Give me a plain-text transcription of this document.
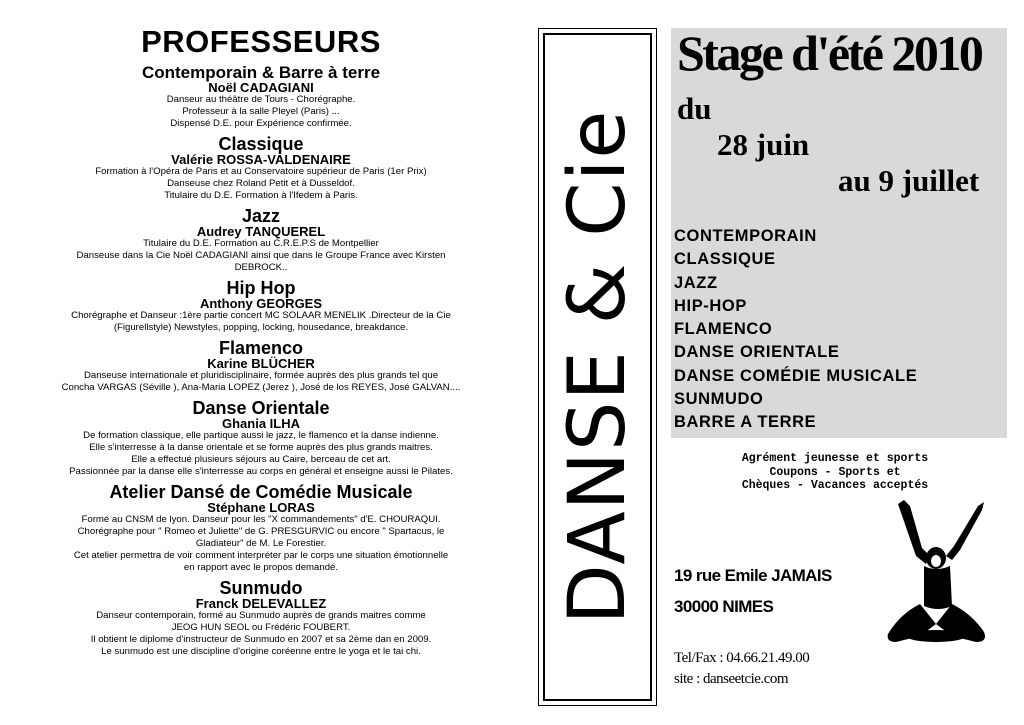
PROFESSEURS
Contemporain & Barre à terre
Noël CADAGIANI
Danseur au théâtre de Tours - Chorégraphe.
Professeur à la salle Pleyel (Paris) ...
Dispensé D.E. pour Expérience confirmée.
Classique
Valérie ROSSA-VALDENAIRE
Formation à l'Opéra de Paris et au Conservatoire supérieur de Paris (1er Prix)
Danseuse chez Roland Petit et à Dusseldof.
Titulaire du D.E. Formation à l'Ifedem à Paris.
Jazz
Audrey TANQUEREL
Titulaire du D.E. Formation au C.R.E.P.S de Montpellier
Danseuse dans la Cie Noël CADAGIANI ainsi que dans le Groupe France avec Kirsten
DEBROCK..
Hip Hop
Anthony GEORGES
Chorégraphe et Danseur :1ère partie concert MC SOLAAR MENELIK .Directeur de la Cie
(Figurellstyle) Newstyles, popping, locking, housedance, breakdance.
Flamenco
Karine BLÜCHER
Danseuse internationale et pluridisciplinaire, formée auprès des plus grands tel que
Concha VARGAS (Séville ), Ana-Maria LOPEZ (Jerez ), José de los REYES, José GALVAN....
Danse Orientale
Ghania ILHA
De formation classique, elle partique aussi le jazz, le flamenco et la danse indienne.
Elle s'interresse à la danse orientale et se forme auprès des plus grands maitres.
Elle a effectué plusieurs séjours au Caire, berceau de cet art.
Passionnée par la danse elle s'interresse au corps en général et enseigne aussi le Pilates.
Atelier Dansé de Comédie Musicale
Stéphane LORAS
Formé au CNSM de lyon. Danseur pour les "X commandements" d'E. CHOURAQUI.
Chorégraphe pour " Romeo et Juliette" de G. PRESGURVIC ou encore " Spartacus, le
Gladiateur" de M. Le Forestier.
Cet atelier permettra de voir comment interpréter par le corps une situation émotionnelle
en rapport avec le propos demandé.
Sunmudo
Franck DELEVALLEZ
Danseur contemporain, formé au Sunmudo auprès de grands maitres comme
JEOG HUN SEOL ou Frédéric FOUBERT.
Il obtient le diplome d'instructeur de Sunmudo en 2007 et sa 2ème dan en 2009.
Le sunmudo est une discipline d'origine coréenne entre le yoga et le tai chi.
DANSE & Cie
Stage d'été 2010
du
28 juin
au 9 juillet
CONTEMPORAIN
CLASSIQUE
JAZZ
HIP-HOP
FLAMENCO
DANSE ORIENTALE
DANSE COMÉDIE MUSICALE
SUNMUDO
BARRE A TERRE
Agrément jeunesse et sports
Coupons - Sports et
Chèques - Vacances acceptés
19 rue Emile JAMAIS
30000 NIMES
Tel/Fax : 04.66.21.49.00
site : danseetcie.com
